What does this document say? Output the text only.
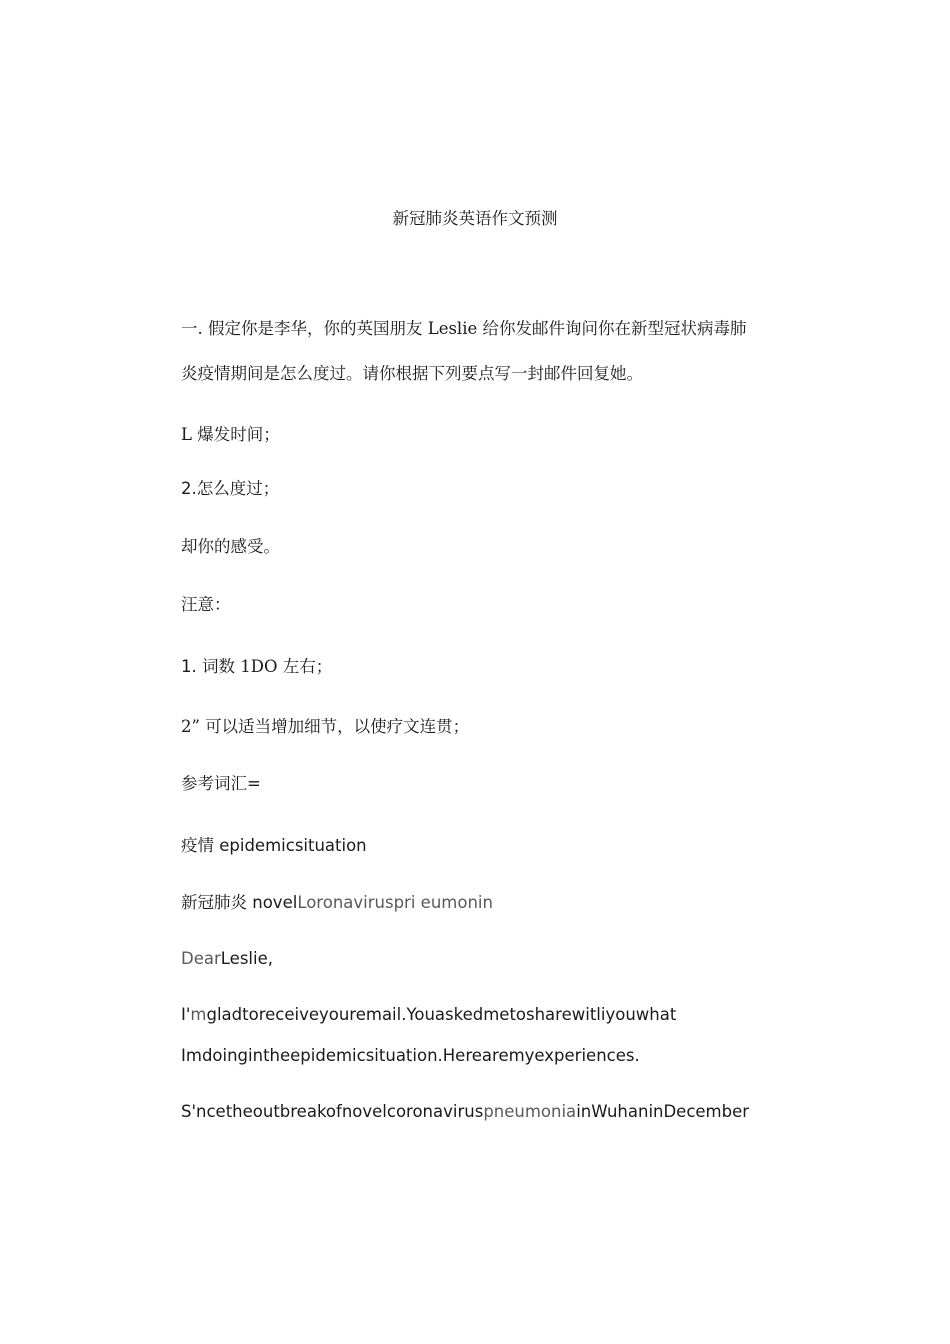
新冠肺炎英语作文预测
一. 假定你是李华，你的英国朋友 Leslie 给你发邮件询问你在新型冠状病毒肺
炎疫情期间是怎么度过。请你根据下列要点写一封邮件回复她。
L 爆发时间；
2.怎么度过；
却你的感受。
汪意：
1. 词数 1DO 左右；
2” 可以适当增加细节，以使疗文连贯；
参考词汇=
疫情 epidemicsituation
新冠肺炎 novelLoronaviruspri eumonin
DearLeslie,
I'mgladtoreceiveyouremail.Youaskedmetosharewitliyouwhat
Imdoingintheepidemicsituation.Herearemyexperiences.
S'ncetheoutbreakofnovelcoronaviruspneumoniainWuhaninDecember
